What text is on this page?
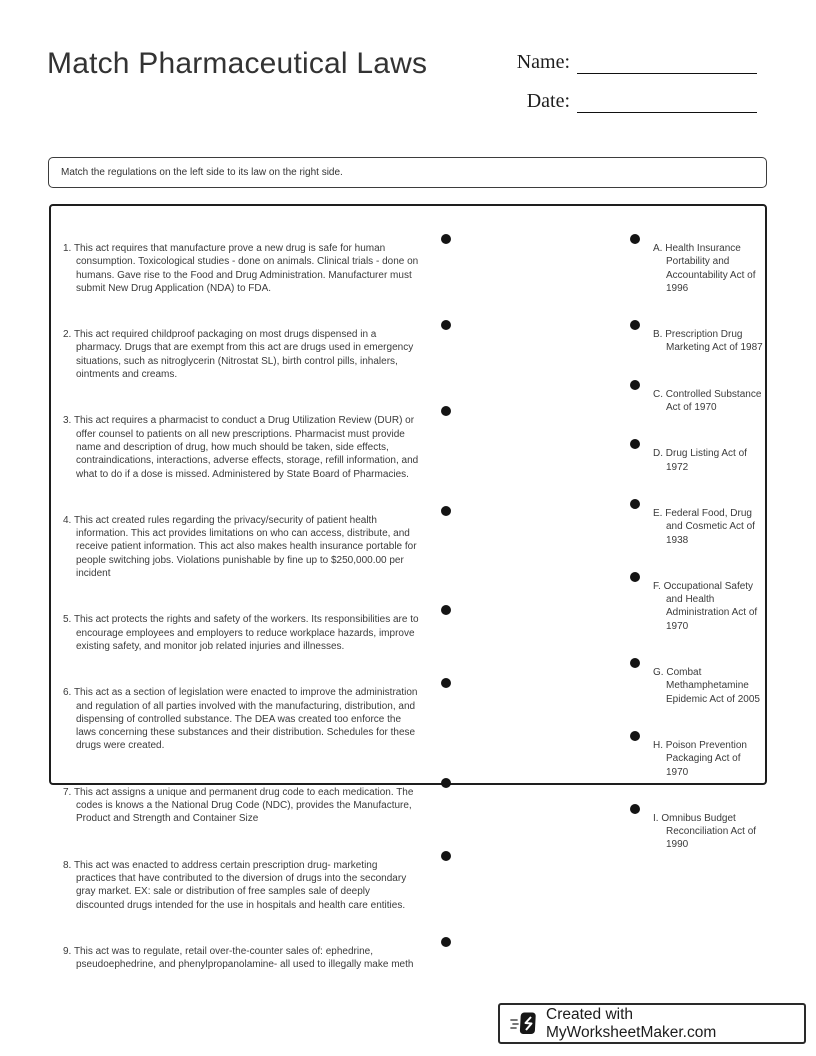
Match Pharmaceutical Laws	Name:
Date:
Match the regulations on the left side to its law on the right side.

1. This act requires that manufacture prove a new drug is safe for human consumption. Toxicological studies - done on animals. Clinical trials - done on humans. Gave rise to the Food and Drug Administration. Manufacturer must submit New Drug Application (NDA) to FDA.

2. This act required childproof packaging on most drugs dispensed in a pharmacy. Drugs that are exempt from this act are drugs used in emergency situations, such as nitroglycerin (Nitrostat SL), birth control pills, inhalers, ointments and creams.

3. This act requires a pharmacist to conduct a Drug Utilization Review (DUR) or offer counsel to patients on all new prescriptions. Pharmacist must provide name and description of drug, how much should be taken, side effects, contraindications, interactions, adverse effects, storage, refill information, and what to do if a dose is missed. Administered by State Board of Pharmacies.

4. This act created rules regarding the privacy/security of patient health information. This act provides limitations on who can access, distribute, and receive patient information. This act also makes health insurance portable for people switching jobs. Violations punishable by fine up to $250,000.00 per incident

5. This act protects the rights and safety of the workers. Its responsibilities are to encourage employees and employers to reduce workplace hazards, improve existing safety, and monitor job related injuries and illnesses.

6. This act as a section of legislation were enacted to improve the administration and regulation of all parties involved with the manufacturing, distribution, and dispensing of controlled substance. The DEA was created too enforce the laws concerning these substances and their distribution. Schedules for these drugs were created.

7. This act assigns a unique and permanent drug code to each medication. The codes is knows a the National Drug Code (NDC), provides the Manufacture, Product and Strength and Container Size

8. This act was enacted to address certain prescription drug- marketing practices that have contributed to the diversion of drugs into the secondary gray market. EX: sale or distribution of free samples sale of deeply discounted drugs intended for the use in hospitals and health care entities.

9. This act was to regulate, retail over-the-counter sales of: ephedrine, pseudoephedrine, and phenylpropanolamine- all used to illegally make meth

A. Health Insurance Portability and Accountability Act of 1996

B. Prescription Drug Marketing Act of 1987

C. Controlled Substance Act of 1970

D. Drug Listing Act of 1972

E. Federal Food, Drug and Cosmetic Act of 1938

F. Occupational Safety and Health Administration Act of 1970

G. Combat Methamphetamine Epidemic Act of 2005

H. Poison Prevention Packaging Act of 1970

I. Omnibus Budget Reconciliation Act of 1990

Created with MyWorksheetMaker.com
